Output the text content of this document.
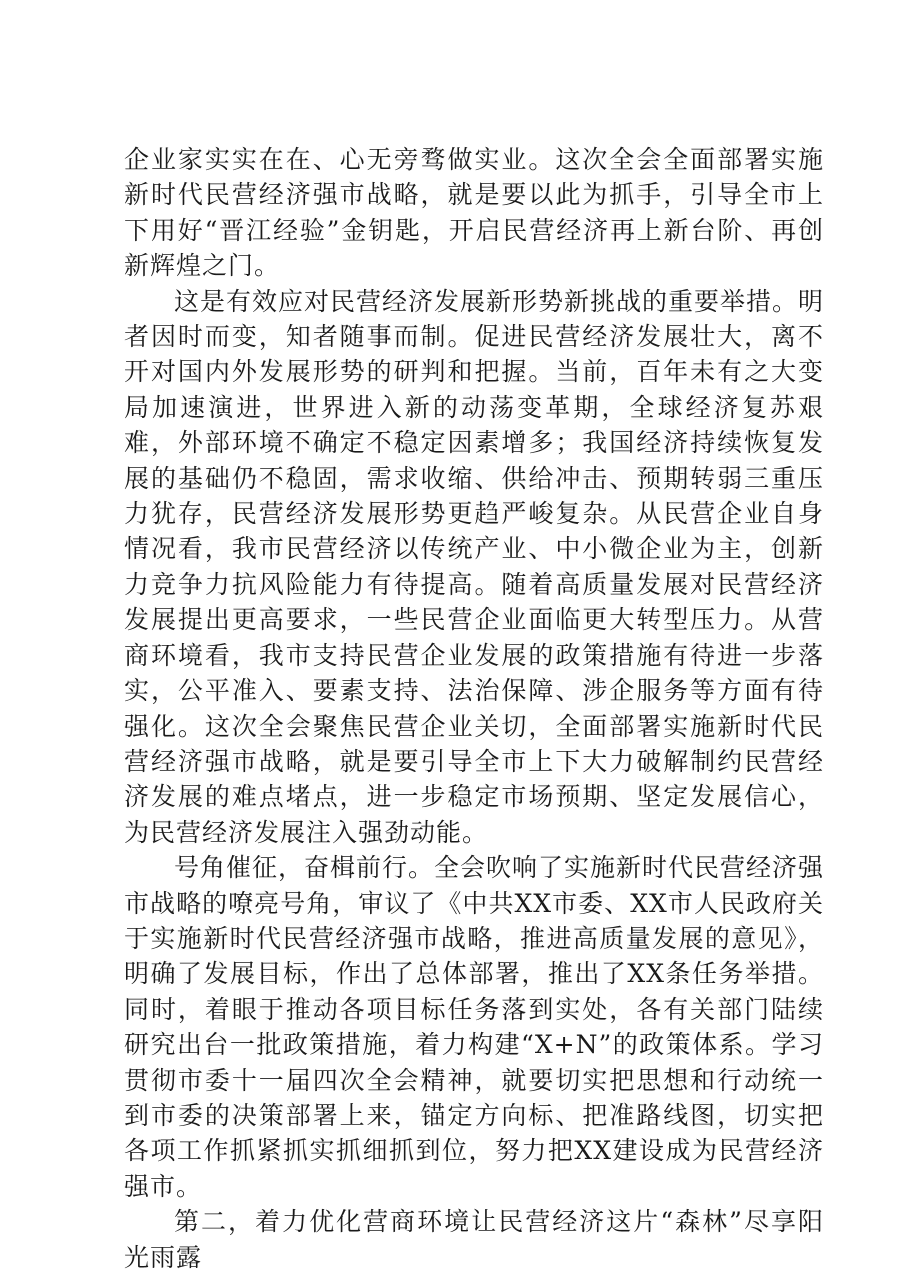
企业家实实在在、心无旁骛做实业。这次全会全面部署实施新时代民营经济强市战略，就是要以此为抓手，引导全市上下用好“晋江经验”金钥匙，开启民营经济再上新台阶、再创新辉煌之门。

这是有效应对民营经济发展新形势新挑战的重要举措。明者因时而变，知者随事而制。促进民营经济发展壮大，离不开对国内外发展形势的研判和把握。当前，百年未有之大变局加速演进，世界进入新的动荡变革期，全球经济复苏艰难，外部环境不确定不稳定因素增多；我国经济持续恢复发展的基础仍不稳固，需求收缩、供给冲击、预期转弱三重压力犹存，民营经济发展形势更趋严峻复杂。从民营企业自身情况看，我市民营经济以传统产业、中小微企业为主，创新力竞争力抗风险能力有待提高。随着高质量发展对民营经济发展提出更高要求，一些民营企业面临更大转型压力。从营商环境看，我市支持民营企业发展的政策措施有待进一步落实，公平准入、要素支持、法治保障、涉企服务等方面有待强化。这次全会聚焦民营企业关切，全面部署实施新时代民营经济强市战略，就是要引导全市上下大力破解制约民营经济发展的难点堵点，进一步稳定市场预期、坚定发展信心，为民营经济发展注入强劲动能。

号角催征，奋楫前行。全会吹响了实施新时代民营经济强市战略的嘹亮号角，审议了《中共XX市委、XX市人民政府关于实施新时代民营经济强市战略，推进高质量发展的意见》，明确了发展目标，作出了总体部署，推出了XX条任务举措。同时，着眼于推动各项目标任务落到实处，各有关部门陆续研究出台一批政策措施，着力构建“X+N”的政策体系。学习贯彻市委十一届四次全会精神，就要切实把思想和行动统一到市委的决策部署上来，锚定方向标、把准路线图，切实把各项工作抓紧抓实抓细抓到位，努力把XX建设成为民营经济强市。

第二，着力优化营商环境让民营经济这片“森林”尽享阳光雨露
